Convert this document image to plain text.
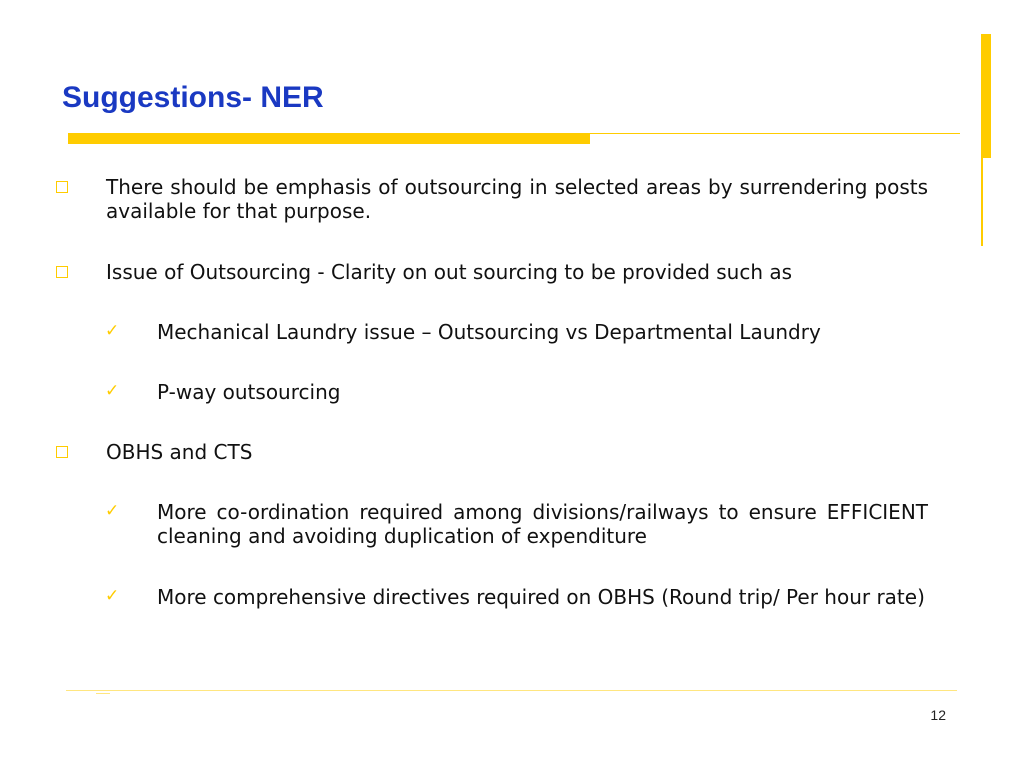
Suggestions- NER
There should be emphasis of outsourcing in selected areas by surrendering posts available for that purpose.
Issue of Outsourcing - Clarity on out sourcing to be provided such as
✓ Mechanical Laundry issue – Outsourcing vs Departmental Laundry
✓ P-way outsourcing
OBHS and CTS
✓ More co-ordination required among divisions/railways to ensure EFFICIENT cleaning and avoiding duplication of expenditure
✓ More comprehensive directives required on OBHS (Round trip/ Per hour rate)
12
